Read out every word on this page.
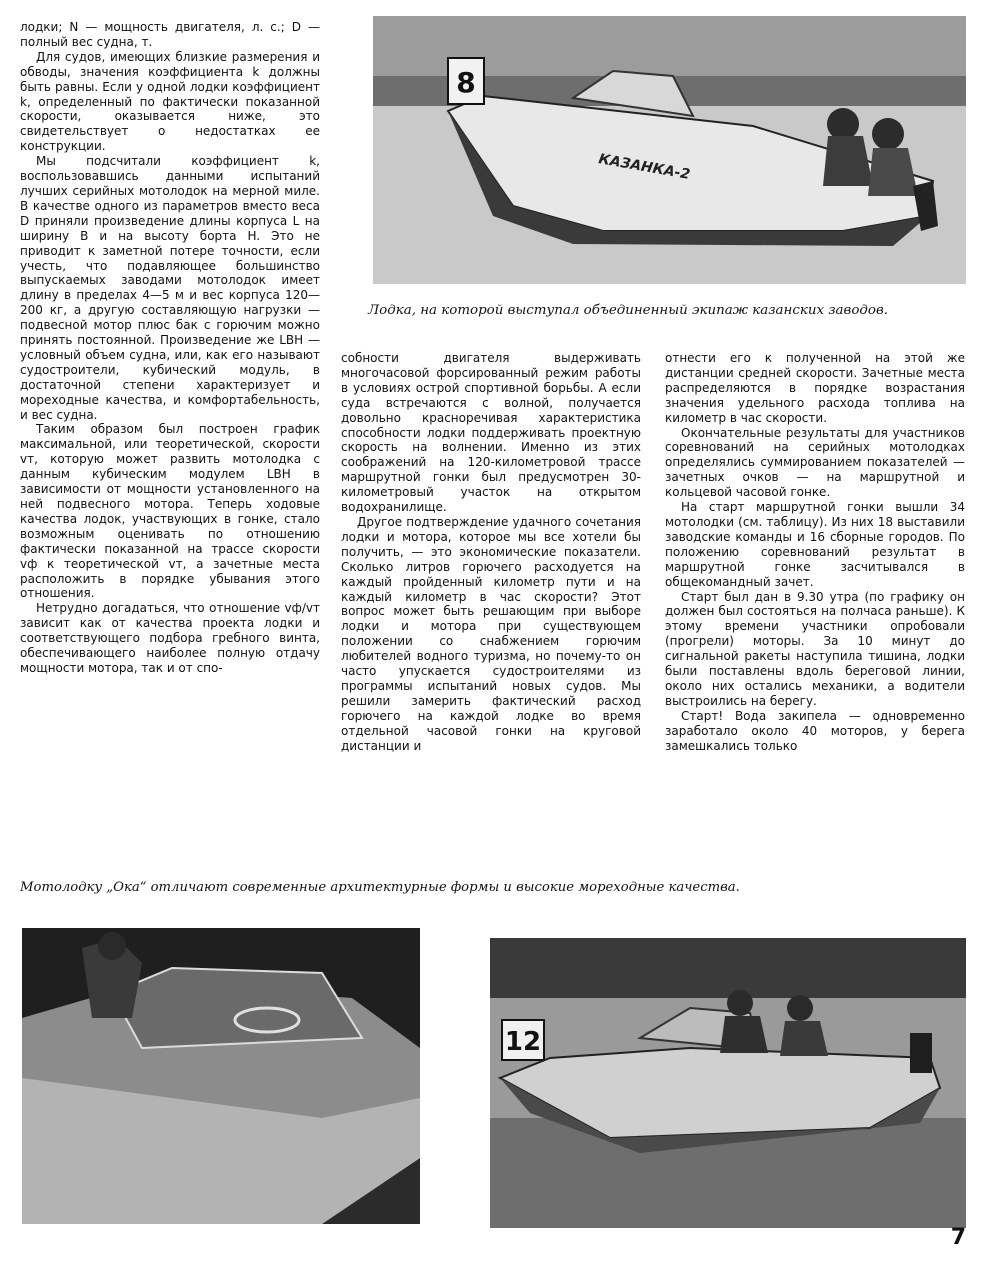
лодки; N — мощность двигателя, л. с.; D — полный вес судна, т.

Для судов, имеющих близкие размерения и обводы, значения коэффициента k должны быть равны. Если у одной лодки коэффициент k, определенный по фактически показанной скорости, оказывается ниже, это свидетельствует о недостатках ее конструкции.

Мы подсчитали коэффициент k, воспользовавшись данными испытаний лучших серийных мотолодок на мерной миле. В качестве одного из параметров вместо веса D приняли произведение длины корпуса L на ширину B и на высоту борта H. Это не приводит к заметной потере точности, если учесть, что подавляющее большинство выпускаемых заводами мотолодок имеет длину в пределах 4—5 м и вес корпуса 120—200 кг, а другую составляющую нагрузки — подвесной мотор плюс бак с горючим можно принять постоянной. Произведение же LBH — условный объем судна, или, как его называют судостроители, кубический модуль, в достаточной степени характеризует и мореходные качества, и комфортабельность, и вес судна.

Таким образом был построен график максимальной, или теоретической, скорости vт, которую может развить мотолодка с данным кубическим модулем LBH в зависимости от мощности установленного на ней подвесного мотора. Теперь ходовые качества лодок, участвующих в гонке, стало возможным оценивать по отношению фактически показанной на трассе скорости vф к теоретической vт, а зачетные места расположить в порядке убывания этого отношения.

Нетрудно догадаться, что отношение vф/vт зависит как от качества проекта лодки и соответствующего подбора гребного винта, обеспечивающего наиболее полную отдачу мощности мотора, так и от спо-

8
КАЗАНКА-2
Лодка, на которой выступал объединенный экипаж казанских заводов.

собности двигателя выдерживать многочасовой форсированный режим работы в условиях острой спортивной борьбы. А если суда встречаются с волной, получается довольно красноречивая характеристика способности лодки поддерживать проектную скорость на волнении. Именно из этих соображений на 120-километровой трассе маршрутной гонки был предусмотрен 30-километровый участок на открытом водохранилище.

Другое подтверждение удачного сочетания лодки и мотора, которое мы все хотели бы получить, — это экономические показатели. Сколько литров горючего расходуется на каждый пройденный километр пути и на каждый километр в час скорости? Этот вопрос может быть решающим при выборе лодки и мотора при существующем положении со снабжением горючим любителей водного туризма, но почему-то он часто упускается судостроителями из программы испытаний новых судов. Мы решили замерить фактический расход горючего на каждой лодке во время отдельной часовой гонки на круговой дистанции и

отнести его к полученной на этой же дистанции средней скорости. Зачетные места распределяются в порядке возрастания значения удельного расхода топлива на километр в час скорости.

Окончательные результаты для участников соревнований на серийных мотолодках определялись суммированием показателей — зачетных очков — на маршрутной и кольцевой часовой гонке.

На старт маршрутной гонки вышли 34 мотолодки (см. таблицу). Из них 18 выставили заводские команды и 16 сборные городов. По положению соревнований результат в маршрутной гонке засчитывался в общекомандный зачет.

Старт был дан в 9.30 утра (по графику он должен был состояться на полчаса раньше). К этому времени участники опробовали (прогрели) моторы. За 10 минут до сигнальной ракеты наступила тишина, лодки были поставлены вдоль береговой линии, около них остались механики, а водители выстроились на берегу.

Старт! Вода закипела — одновременно заработало около 40 моторов, у берега замешкались только

Мотолодку „Ока“ отличают современные архитектурные формы и высокие мореходные качества.
12
7
